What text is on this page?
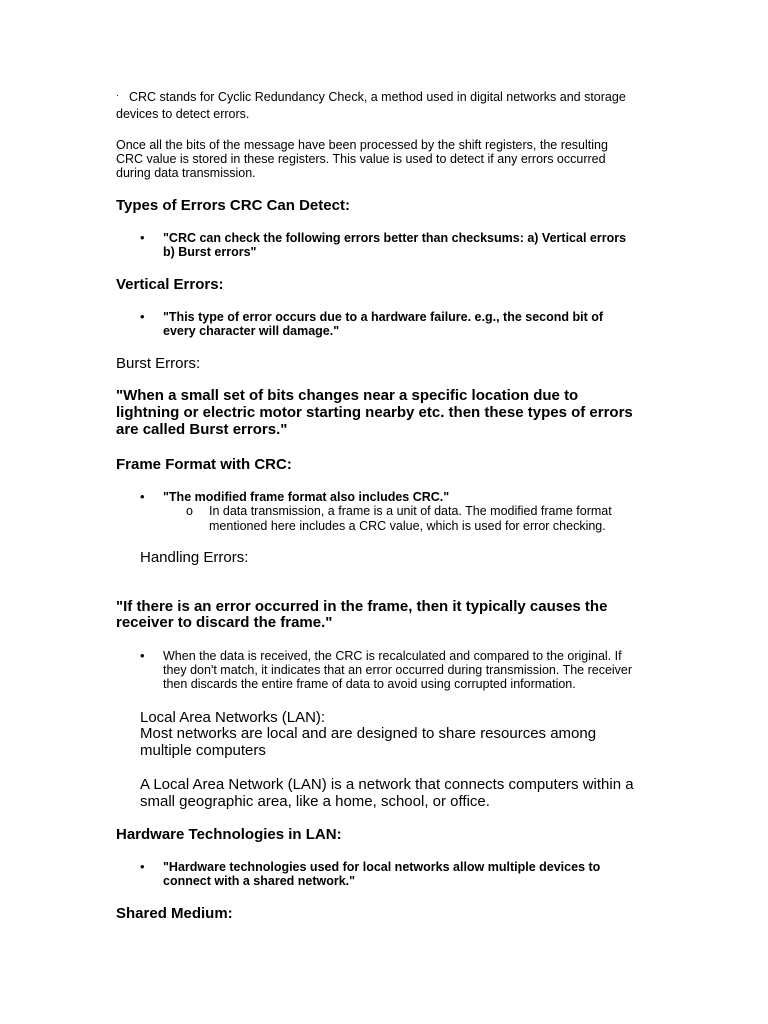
· CRC stands for Cyclic Redundancy Check, a method used in digital networks and storage
devices to detect errors.
Once all the bits of the message have been processed by the shift registers, the resulting
CRC value is stored in these registers. This value is used to detect if any errors occurred
during data transmission.
Types of Errors CRC Can Detect:
• "CRC can check the following errors better than checksums: a) Vertical errors
b) Burst errors"
Vertical Errors:
• "This type of error occurs due to a hardware failure. e.g., the second bit of
every character will damage."
Burst Errors:
"When a small set of bits changes near a specific location due to
lightning or electric motor starting nearby etc. then these types of errors
are called Burst errors."
Frame Format with CRC:
• "The modified frame format also includes CRC."
o In data transmission, a frame is a unit of data. The modified frame format
mentioned here includes a CRC value, which is used for error checking.
Handling Errors:
"If there is an error occurred in the frame, then it typically causes the
receiver to discard the frame."
• When the data is received, the CRC is recalculated and compared to the original. If
they don't match, it indicates that an error occurred during transmission. The receiver
then discards the entire frame of data to avoid using corrupted information.
Local Area Networks (LAN):
Most networks are local and are designed to share resources among
multiple computers
A Local Area Network (LAN) is a network that connects computers within a
small geographic area, like a home, school, or office.
Hardware Technologies in LAN:
• "Hardware technologies used for local networks allow multiple devices to
connect with a shared network."
Shared Medium:
